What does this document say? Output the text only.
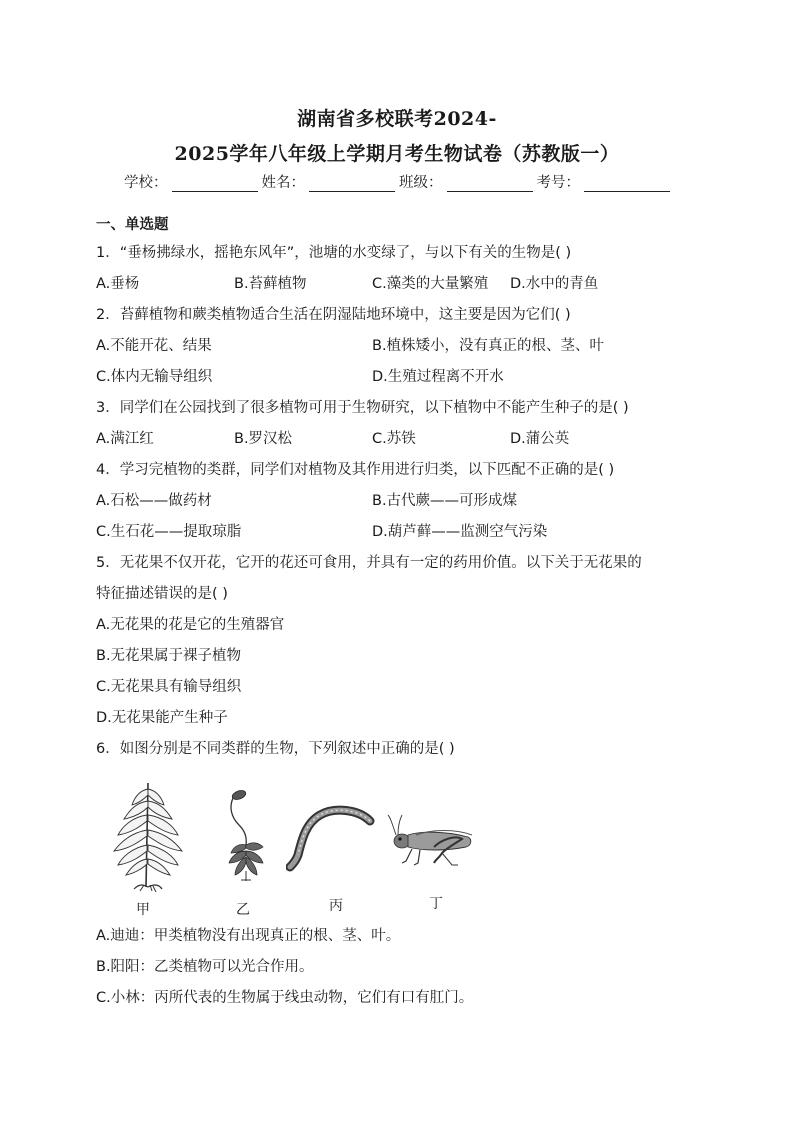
湖南省多校联考2024-
2025学年八年级上学期月考生物试卷（苏教版一）
学校：	姓名：	班级：	考号：
一、单选题
1．“垂杨拂绿水，摇艳东风年”，池塘的水变绿了，与以下有关的生物是( )
A.垂杨	B.苔藓植物	C.藻类的大量繁殖	D.水中的青鱼
2．苔藓植物和蕨类植物适合生活在阴湿陆地环境中，这主要是因为它们( )
A.不能开花、结果	B.植株矮小，没有真正的根、茎、叶
C.体内无输导组织	D.生殖过程离不开水
3．同学们在公园找到了很多植物可用于生物研究，以下植物中不能产生种子的是( )
A.满江红	B.罗汉松	C.苏铁	D.蒲公英
4．学习完植物的类群，同学们对植物及其作用进行归类，以下匹配不正确的是( )
A.石松——做药材	B.古代蕨——可形成煤
C.生石花——提取琼脂	D.葫芦藓——监测空气污染
5．无花果不仅开花，它开的花还可食用，并具有一定的药用价值。以下关于无花果的
特征描述错误的是( )
A.无花果的花是它的生殖器官
B.无花果属于裸子植物
C.无花果具有输导组织
D.无花果能产生种子
6．如图分别是不同类群的生物，下列叙述中正确的是( )
甲	乙	丙	丁
A.迪迪：甲类植物没有出现真正的根、茎、叶。
B.阳阳：乙类植物可以光合作用。
C.小林：丙所代表的生物属于线虫动物，它们有口有肛门。
